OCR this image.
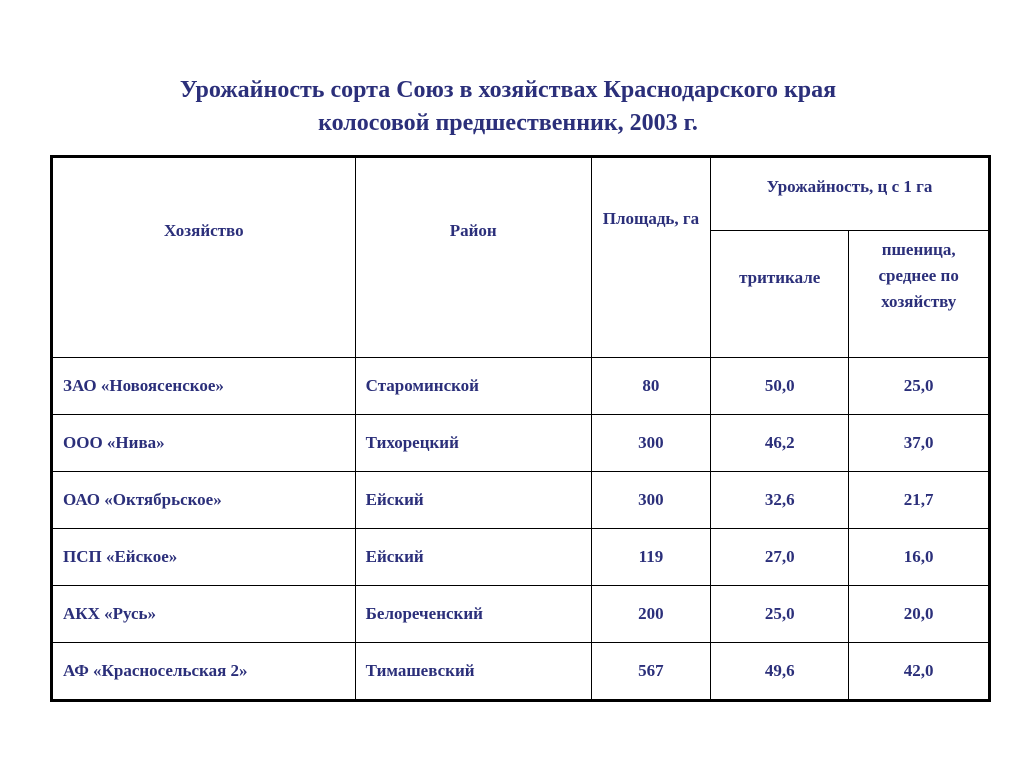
Урожайность сорта Союз в хозяйствах Краснодарского края
колосовой предшественник, 2003 г.
Хозяйство	Район	Площадь, га	Урожайность, ц с 1 га	
			тритикале	пшеница, среднее по хозяйству
ЗАО «Новоясенское»	Староминской	80	50,0	25,0
ООО «Нива»	Тихорецкий	300	46,2	37,0
ОАО «Октябрьское»	Ейский	300	32,6	21,7
ПСП «Ейское»	Ейский	119	27,0	16,0
АКХ «Русь»	Белореченский	200	25,0	20,0
АФ «Красносельская 2»	Тимашевский	567	49,6	42,0
